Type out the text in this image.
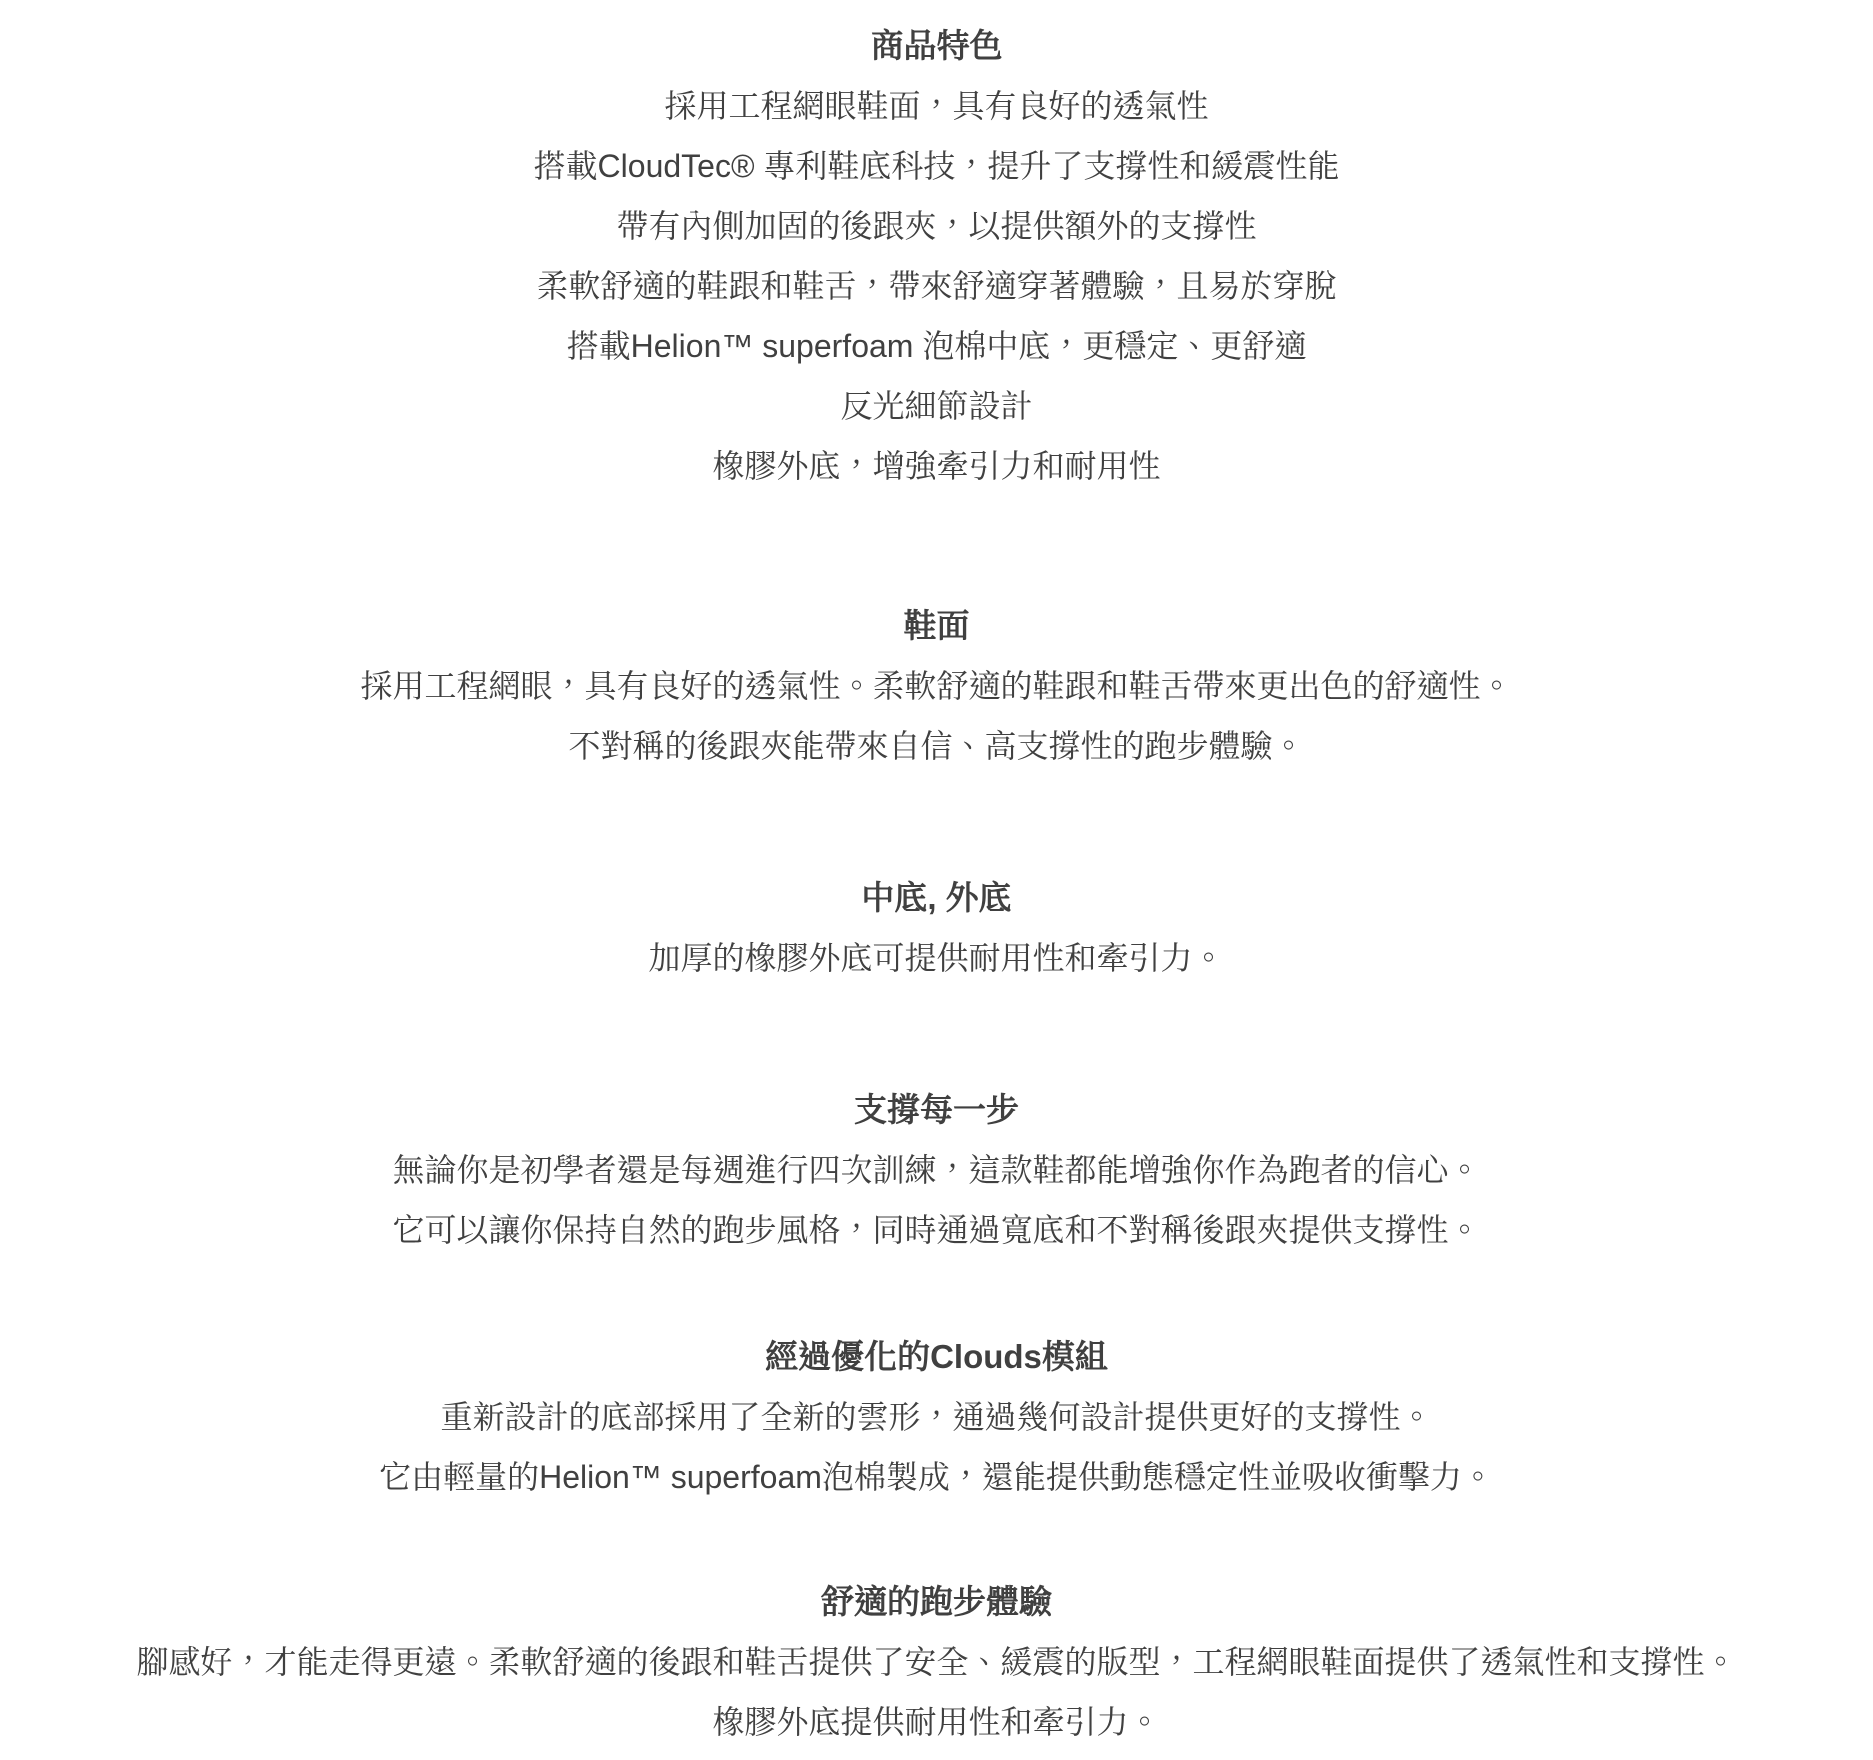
商品特色

採用工程網眼鞋面，具有良好的透氣性

搭載CloudTec® 專利鞋底科技，提升了支撐性和緩震性能

帶有內側加固的後跟夾，以提供額外的支撐性

柔軟舒適的鞋跟和鞋舌，帶來舒適穿著體驗，且易於穿脫

搭載Helion™ superfoam 泡棉中底，更穩定、更舒適

反光細節設計

橡膠外底，增強牽引力和耐用性

鞋面

採用工程網眼，具有良好的透氣性。柔軟舒適的鞋跟和鞋舌帶來更出色的舒適性。

不對稱的後跟夾能帶來自信、高支撐性的跑步體驗。

中底, 外底

加厚的橡膠外底可提供耐用性和牽引力。

支撐每一步

無論你是初學者還是每週進行四次訓練，這款鞋都能增強你作為跑者的信心。

它可以讓你保持自然的跑步風格，同時通過寬底和不對稱後跟夾提供支撐性。

經過優化的Clouds模組

重新設計的底部採用了全新的雲形，通過幾何設計提供更好的支撐性。

它由輕量的Helion™ superfoam泡棉製成，還能提供動態穩定性並吸收衝擊力。

舒適的跑步體驗

腳感好，才能走得更遠。柔軟舒適的後跟和鞋舌提供了安全、緩震的版型，工程網眼鞋面提供了透氣性和支撐性。

橡膠外底提供耐用性和牽引力。
